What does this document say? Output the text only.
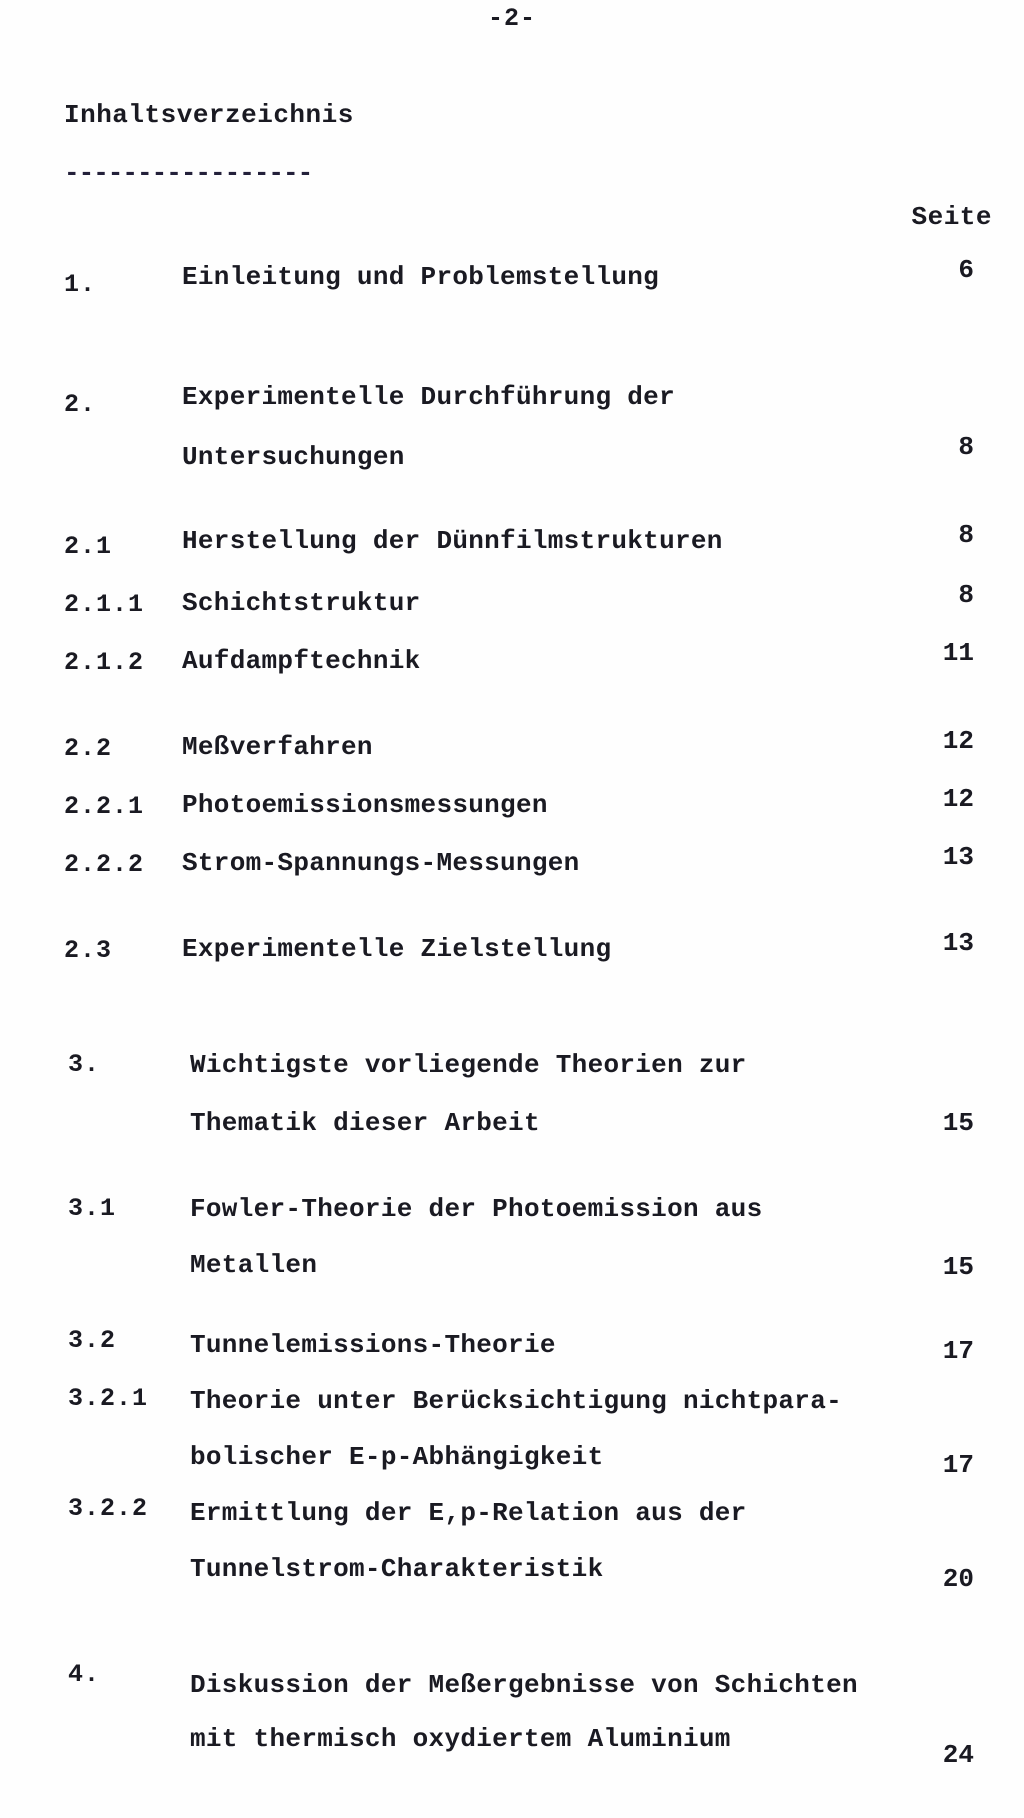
-2-
Inhaltsverzeichnis
-----------------
Seite
1.	Einleitung und Problemstellung	6
2.	Experimentelle Durchführung der
Untersuchungen	8
2.1	Herstellung der Dünnfilmstrukturen	8
2.1.1 Schichtstruktur	8
2.1.2 Aufdampftechnik	11
2.2	Meßverfahren	12
2.2.1 Photoemissionsmessungen	12
2.2.2 Strom-Spannungs-Messungen	13
2.3	Experimentelle Zielstellung	13
3.	Wichtigste vorliegende Theorien zur
Thematik dieser Arbeit	15
3.1	Fowler-Theorie der Photoemission aus
Metallen	15
3.2	Tunnelemissions-Theorie	17
3.2.1 Theorie unter Berücksichtigung nichtpara-
bolischer E-p-Abhängigkeit	17
3.2.2 Ermittlung der E,p-Relation aus der
Tunnelstrom-Charakteristik	20
4.	Diskussion der Meßergebnisse von Schichten
mit thermisch oxydiertem Aluminium
24
